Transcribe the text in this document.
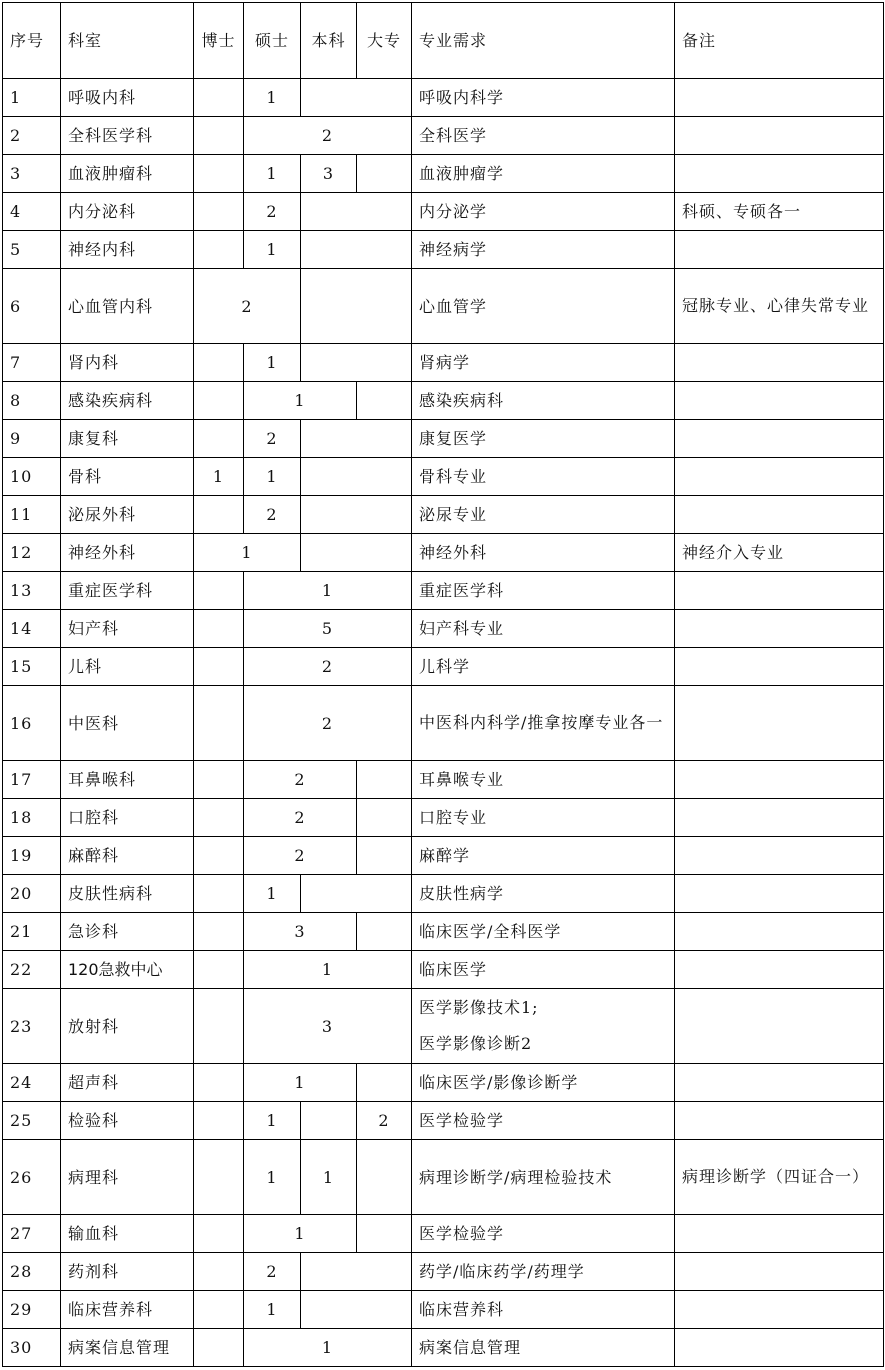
序号	科室	博士	硕士	本科	大专	专业需求	备注
1	呼吸内科		1			呼吸内科学	
2	全科医学科		2			全科医学	
3	血液肿瘤科		1	3		血液肿瘤学	
4	内分泌科		2			内分泌学	科硕、专硕各一
5	神经内科		1			神经病学	
6	心血管内科	2				心血管学	冠脉专业、心律失常专业
7	肾内科		1			肾病学	
8	感染疾病科		1			感染疾病科	
9	康复科		2			康复医学	
10	骨科	1	1			骨科专业	
11	泌尿外科		2			泌尿专业	
12	神经外科	1				神经外科	神经介入专业
13	重症医学科		1			重症医学科	
14	妇产科		5			妇产科专业	
15	儿科		2			儿科学	
16	中医科		2			中医科内科学/推拿按摩专业各一	
17	耳鼻喉科		2			耳鼻喉专业	
18	口腔科		2			口腔专业	
19	麻醉科		2			麻醉学	
20	皮肤性病科		1			皮肤性病学	
21	急诊科		3			临床医学/全科医学	
22	120急救中心		1			临床医学	
23	放射科		3			医学影像技术1;
医学影像诊断2	

24	超声科		1			临床医学/影像诊断学	
25	检验科		1		2	医学检验学	
26	病理科		1	1		病理诊断学/病理检验技术	病理诊断学（四证合一）
27	输血科		1			医学检验学	
28	药剂科		2			药学/临床药学/药理学	
29	临床营养科		1			临床营养科	
30	病案信息管理		1			病案信息管理	
